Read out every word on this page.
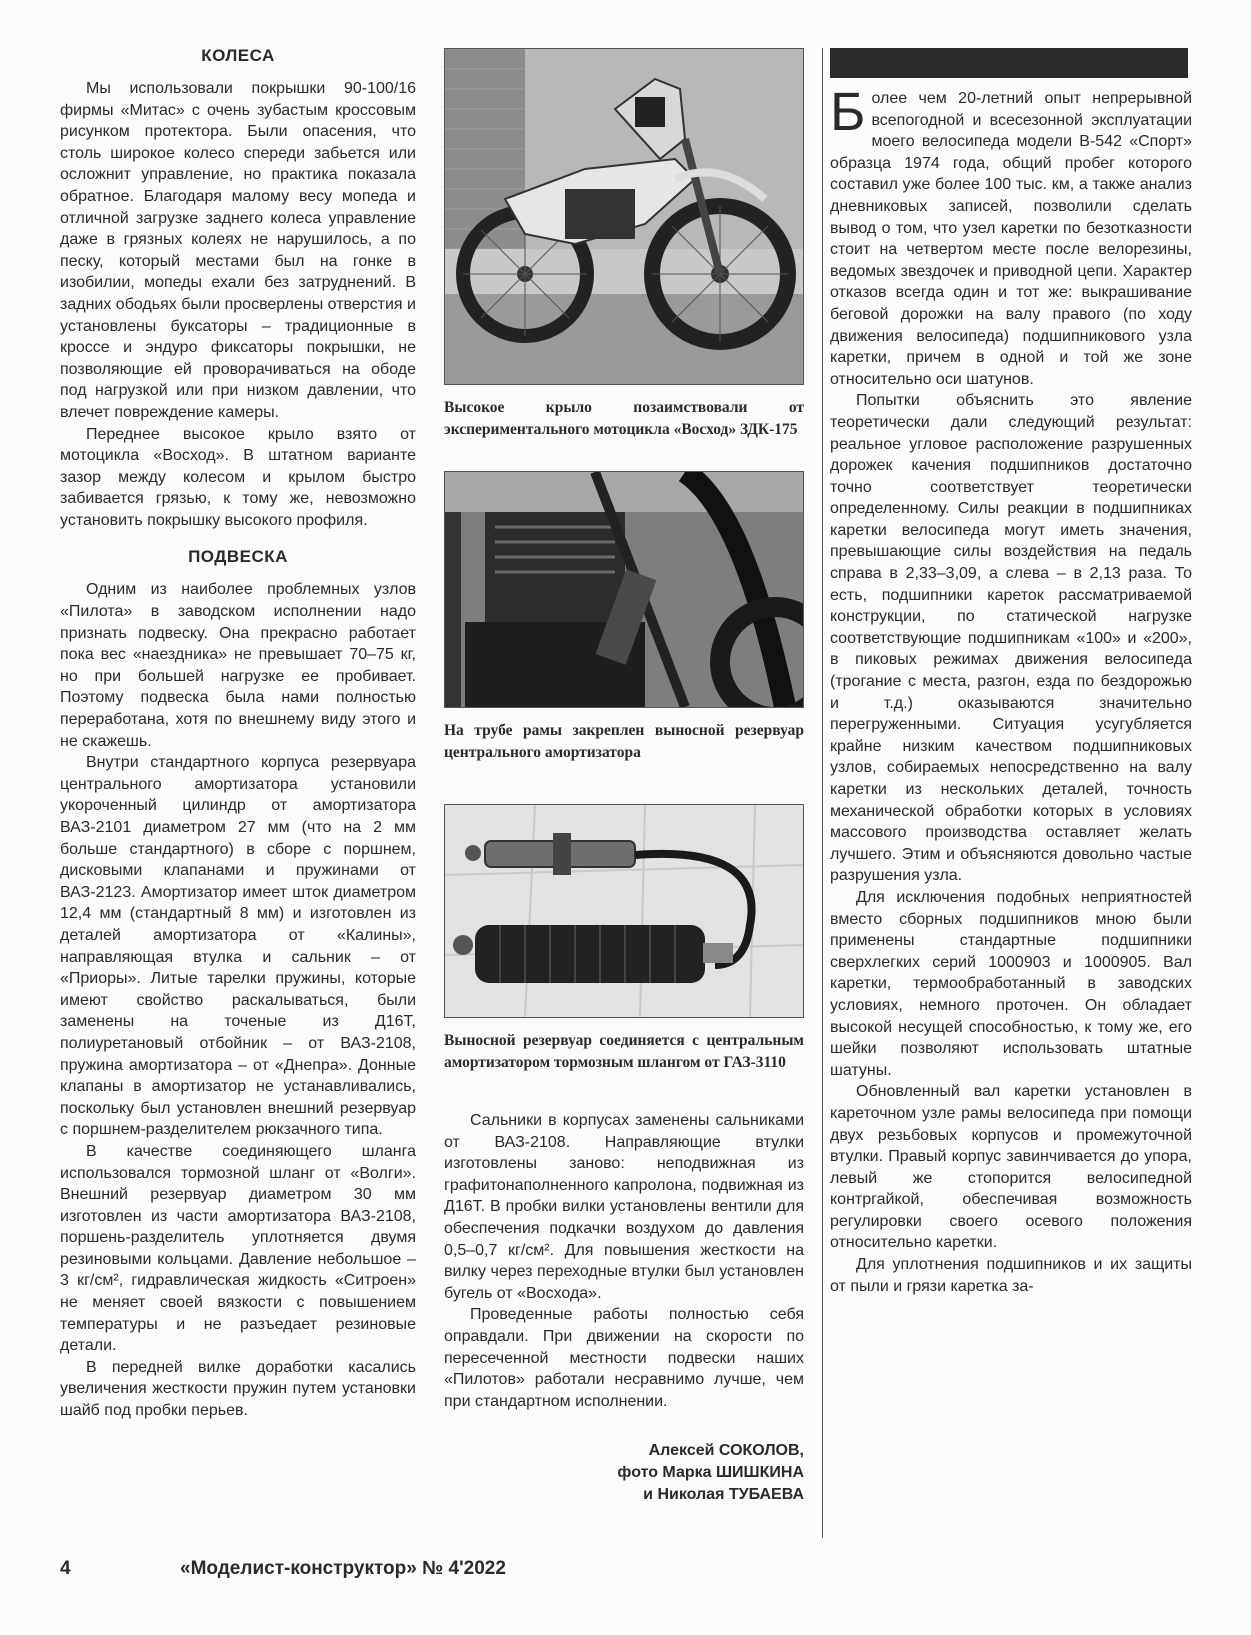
КОЛЕСА

Мы использовали покрышки 90-100/16 фирмы «Митас» с очень зубастым кроссовым рисунком протектора. Были опасения, что столь широкое колесо спереди забьется или осложнит управление, но практика показала обратное. Благодаря малому весу мопеда и отличной загрузке заднего колеса управление даже в грязных колеях не нарушилось, а по песку, который местами был на гонке в изобилии, мопеды ехали без затруднений. В задних ободьях были просверлены отверстия и установлены буксаторы – традиционные в кроссе и эндуро фиксаторы покрышки, не позволяющие ей проворачиваться на ободе под нагрузкой или при низком давлении, что влечет повреждение камеры.

Переднее высокое крыло взято от мотоцикла «Восход». В штатном варианте зазор между колесом и крылом быстро забивается грязью, к тому же, невозможно установить покрышку высокого профиля.

ПОДВЕСКА

Одним из наиболее проблемных узлов «Пилота» в заводском исполнении надо признать подвеску. Она прекрасно работает пока вес «наездника» не превышает 70–75 кг, но при большей нагрузке ее пробивает. Поэтому подвеска была нами полностью переработана, хотя по внешнему виду этого и не скажешь.

Внутри стандартного корпуса резервуара центрального амортизатора установили укороченный цилиндр от амортизатора ВАЗ-2101 диаметром 27 мм (что на 2 мм больше стандартного) в сборе с поршнем, дисковыми клапанами и пружинами от ВАЗ-2123. Амортизатор имеет шток диаметром 12,4 мм (стандартный 8 мм) и изготовлен из деталей амортизатора от «Калины», направляющая втулка и сальник – от «Приоры». Литые тарелки пружины, которые имеют свойство раскалываться, были заменены на точеные из Д16Т, полиуретановый отбойник – от ВАЗ-2108, пружина амортизатора – от «Днепра». Донные клапаны в амортизатор не устанавливались, поскольку был установлен внешний резервуар с поршнем-разделителем рюкзачного типа.

В качестве соединяющего шланга использовался тормозной шланг от «Волги». Внешний резервуар диаметром 30 мм изготовлен из части амортизатора ВАЗ-2108, поршень-разделитель уплотняется двумя резиновыми кольцами. Давление небольшое – 3 кг/см², гидравлическая жидкость «Ситроен» не меняет своей вязкости с повышением температуры и не разъедает резиновые детали.

В передней вилке доработки касались увеличения жесткости пружин путем установки шайб под пробки перьев.

Высокое крыло позаимствовали от экспериментального мотоцикла «Восход» ЗДК-175
На трубе рамы закреплен выносной резервуар центрального амортизатора
Выносной резервуар соединяется с центральным амортизатором тормозным шлангом от ГАЗ-3110

Сальники в корпусах заменены сальниками от ВАЗ-2108. Направляющие втулки изготовлены заново: неподвижная из графитонаполненного капролона, подвижная из Д16Т. В пробки вилки установлены вентили для обеспечения подкачки воздухом до давления 0,5–0,7 кг/см². Для повышения жесткости на вилку через переходные втулки был установлен бугель от «Восхода».

Проведенные работы полностью себя оправдали. При движении на скорости по пересеченной местности подвески наших «Пилотов» работали несравнимо лучше, чем при стандартном исполнении.

Алексей СОКОЛОВ,
фото Марка ШИШКИНА
и Николая ТУБАЕВА

Более чем 20-летний опыт непрерывной всепогодной и всесезонной эксплуатации моего велосипеда модели В-542 «Спорт» образца 1974 года, общий пробег которого составил уже более 100 тыс. км, а также анализ дневниковых записей, позволили сделать вывод о том, что узел каретки по безотказности стоит на четвертом месте после велорезины, ведомых звездочек и приводной цепи. Характер отказов всегда один и тот же: выкрашивание беговой дорожки на валу правого (по ходу движения велосипеда) подшипникового узла каретки, причем в одной и той же зоне относительно оси шатунов.

Попытки объяснить это явление теоретически дали следующий результат: реальное угловое расположение разрушенных дорожек качения подшипников достаточно точно соответствует теоретически определенному. Силы реакции в подшипниках каретки велосипеда могут иметь значения, превышающие силы воздействия на педаль справа в 2,33–3,09, а слева – в 2,13 раза. То есть, подшипники кареток рассматриваемой конструкции, по статической нагрузке соответствующие подшипникам «100» и «200», в пиковых режимах движения велосипеда (трогание с места, разгон, езда по бездорожью и т.д.) оказываются значительно перегруженными. Ситуация усугубляется крайне низким качеством подшипниковых узлов, собираемых непосредственно на валу каретки из нескольких деталей, точность механической обработки которых в условиях массового производства оставляет желать лучшего. Этим и объясняются довольно частые разрушения узла.

Для исключения подобных неприятностей вместо сборных подшипников мною были применены стандартные подшипники сверхлегких серий 1000903 и 1000905. Вал каретки, термообработанный в заводских условиях, немного проточен. Он обладает высокой несущей способностью, к тому же, его шейки позволяют использовать штатные шатуны.

Обновленный вал каретки установлен в кареточном узле рамы велосипеда при помощи двух резьбовых корпусов и промежуточной втулки. Правый корпус завинчивается до упора, левый же стопорится велосипедной контргайкой, обеспечивая возможность регулировки своего осевого положения относительно каретки.

Для уплотнения подшипников и их защиты от пыли и грязи каретка за-

4	«Моделист-конструктор» № 4'2022
